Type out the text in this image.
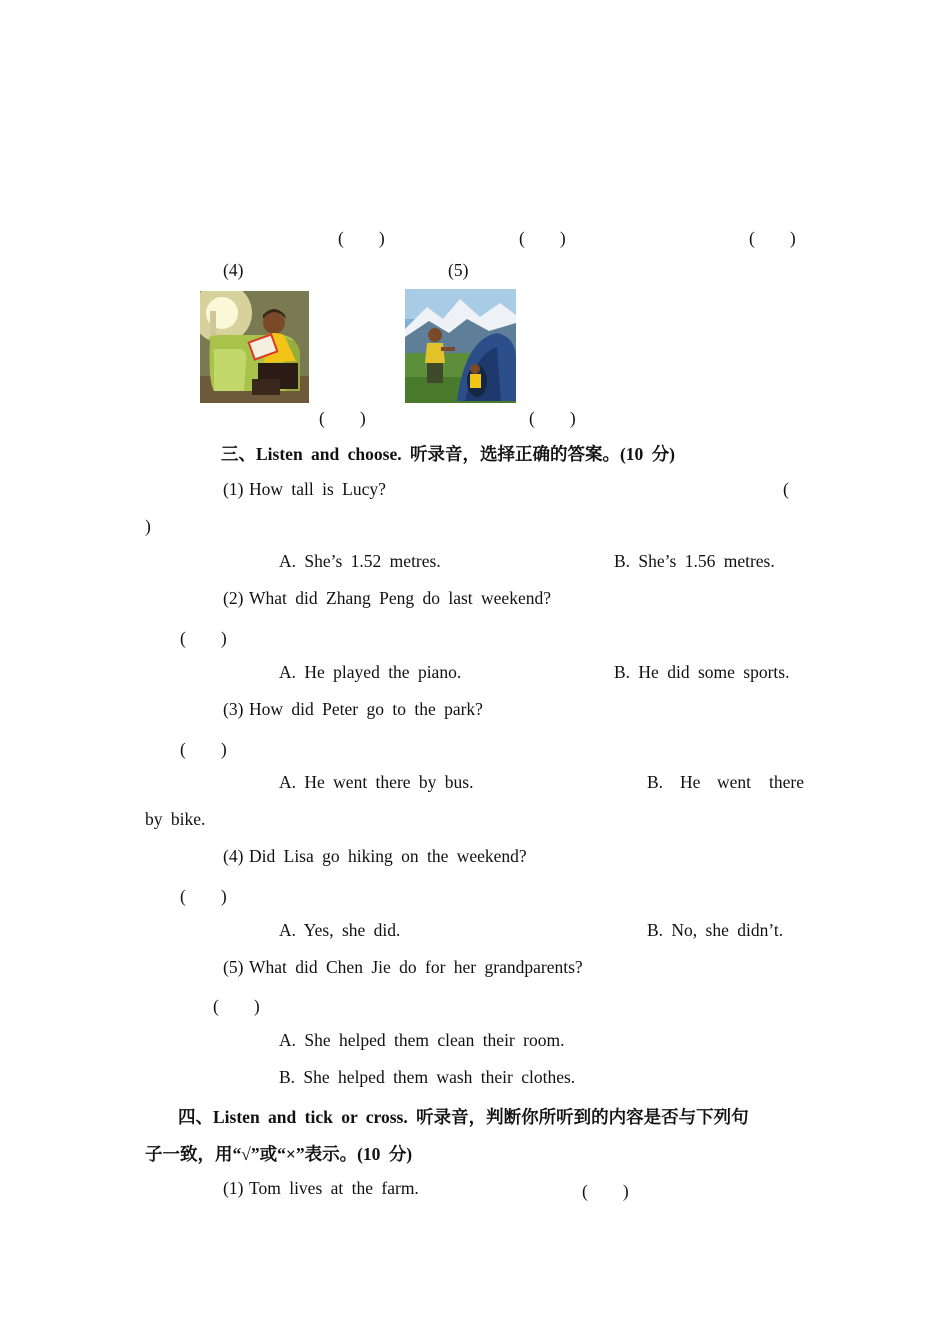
(　　)	(　　)	(　　)
(4)	(5)
(　　)	(　　)
三、Listen and choose. 听录音，选择正确的答案。(10 分)
(1) How tall is Lucy?	(
)
A. She’s 1.52 metres.	B. She’s 1.56 metres.
(2) What did Zhang Peng do last weekend?
(　　)
A. He played the piano.	B. He did some sports.
(3) How did Peter go to the park?
(　　)
A. He went there by bus.	B. He went there
by bike.
(4) Did Lisa go hiking on the weekend?
(　　)
A. Yes, she did.	B. No, she didn’t.
(5) What did Chen Jie do for her grandparents?
(　　)
A. She helped them clean their room.
B. She helped them wash their clothes.
四、Listen and tick or cross. 听录音，判断你所听到的内容是否与下列句
子一致，用“√”或“×”表示。(10 分)
(1) Tom lives at the farm.	(　　)
